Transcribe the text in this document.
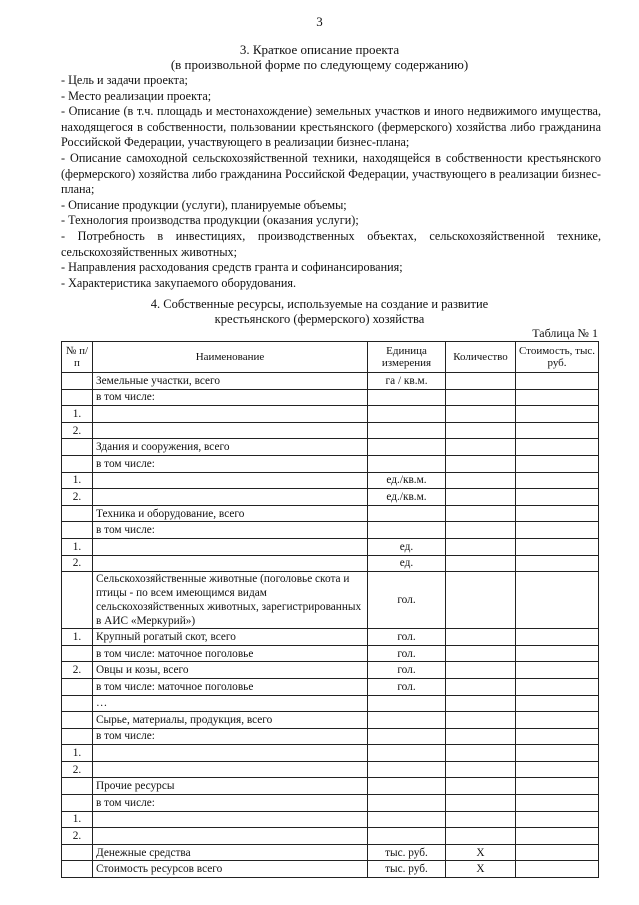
3
3. Краткое описание проекта
(в произвольной форме по следующему содержанию)
- Цель и задачи проекта;
- Место реализации проекта;
- Описание (в т.ч. площадь и местонахождение) земельных участков и иного недвижимого имущества, находящегося в собственности, пользовании крестьянского (фермерского) хозяйства либо гражданина Российской Федерации, участвующего в реализации бизнес-плана;
- Описание самоходной сельскохозяйственной техники, находящейся в собственности крестьянского (фермерского) хозяйства либо гражданина Российской Федерации, участвующего в реализации бизнес-плана;
- Описание продукции (услуги), планируемые объемы;
- Технология производства продукции (оказания услуги);
- Потребность в инвестициях, производственных объектах, сельскохозяйственной технике, сельскохозяйственных животных;
- Направления расходования средств гранта и софинансирования;
- Характеристика закупаемого оборудования.
4. Собственные ресурсы, используемые на создание и развитие
крестьянского (фермерского) хозяйства
Таблица № 1
№ п/п	Наименование	Единица измерения	Количество	Стоимость, тыс. руб.
	Земельные участки, всего	га / кв.м.		
	в том числе:			
1.				
2.				
	Здания и сооружения, всего			
	в том числе:			
1.		ед./кв.м.		
2.		ед./кв.м.		
	Техника и оборудование, всего			
	в том числе:			
1.		ед.		
2.		ед.		
	Сельскохозяйственные животные (поголовье скота и птицы - по всем имеющимся видам сельскохозяйственных животных, зарегистрированных в АИС «Меркурий»)	гол.		
1.	Крупный рогатый скот, всего	гол.		
	в том числе: маточное поголовье	гол.		
2.	Овцы и козы, всего	гол.		
	в том числе: маточное поголовье	гол.		
	…			
	Сырье, материалы, продукция, всего			
	в том числе:			
1.				
2.				
	Прочие ресурсы			
	в том числе:			
1.				
2.				
	Денежные средства	тыс. руб.	Х	
	Стоимость ресурсов всего	тыс. руб.	Х	
